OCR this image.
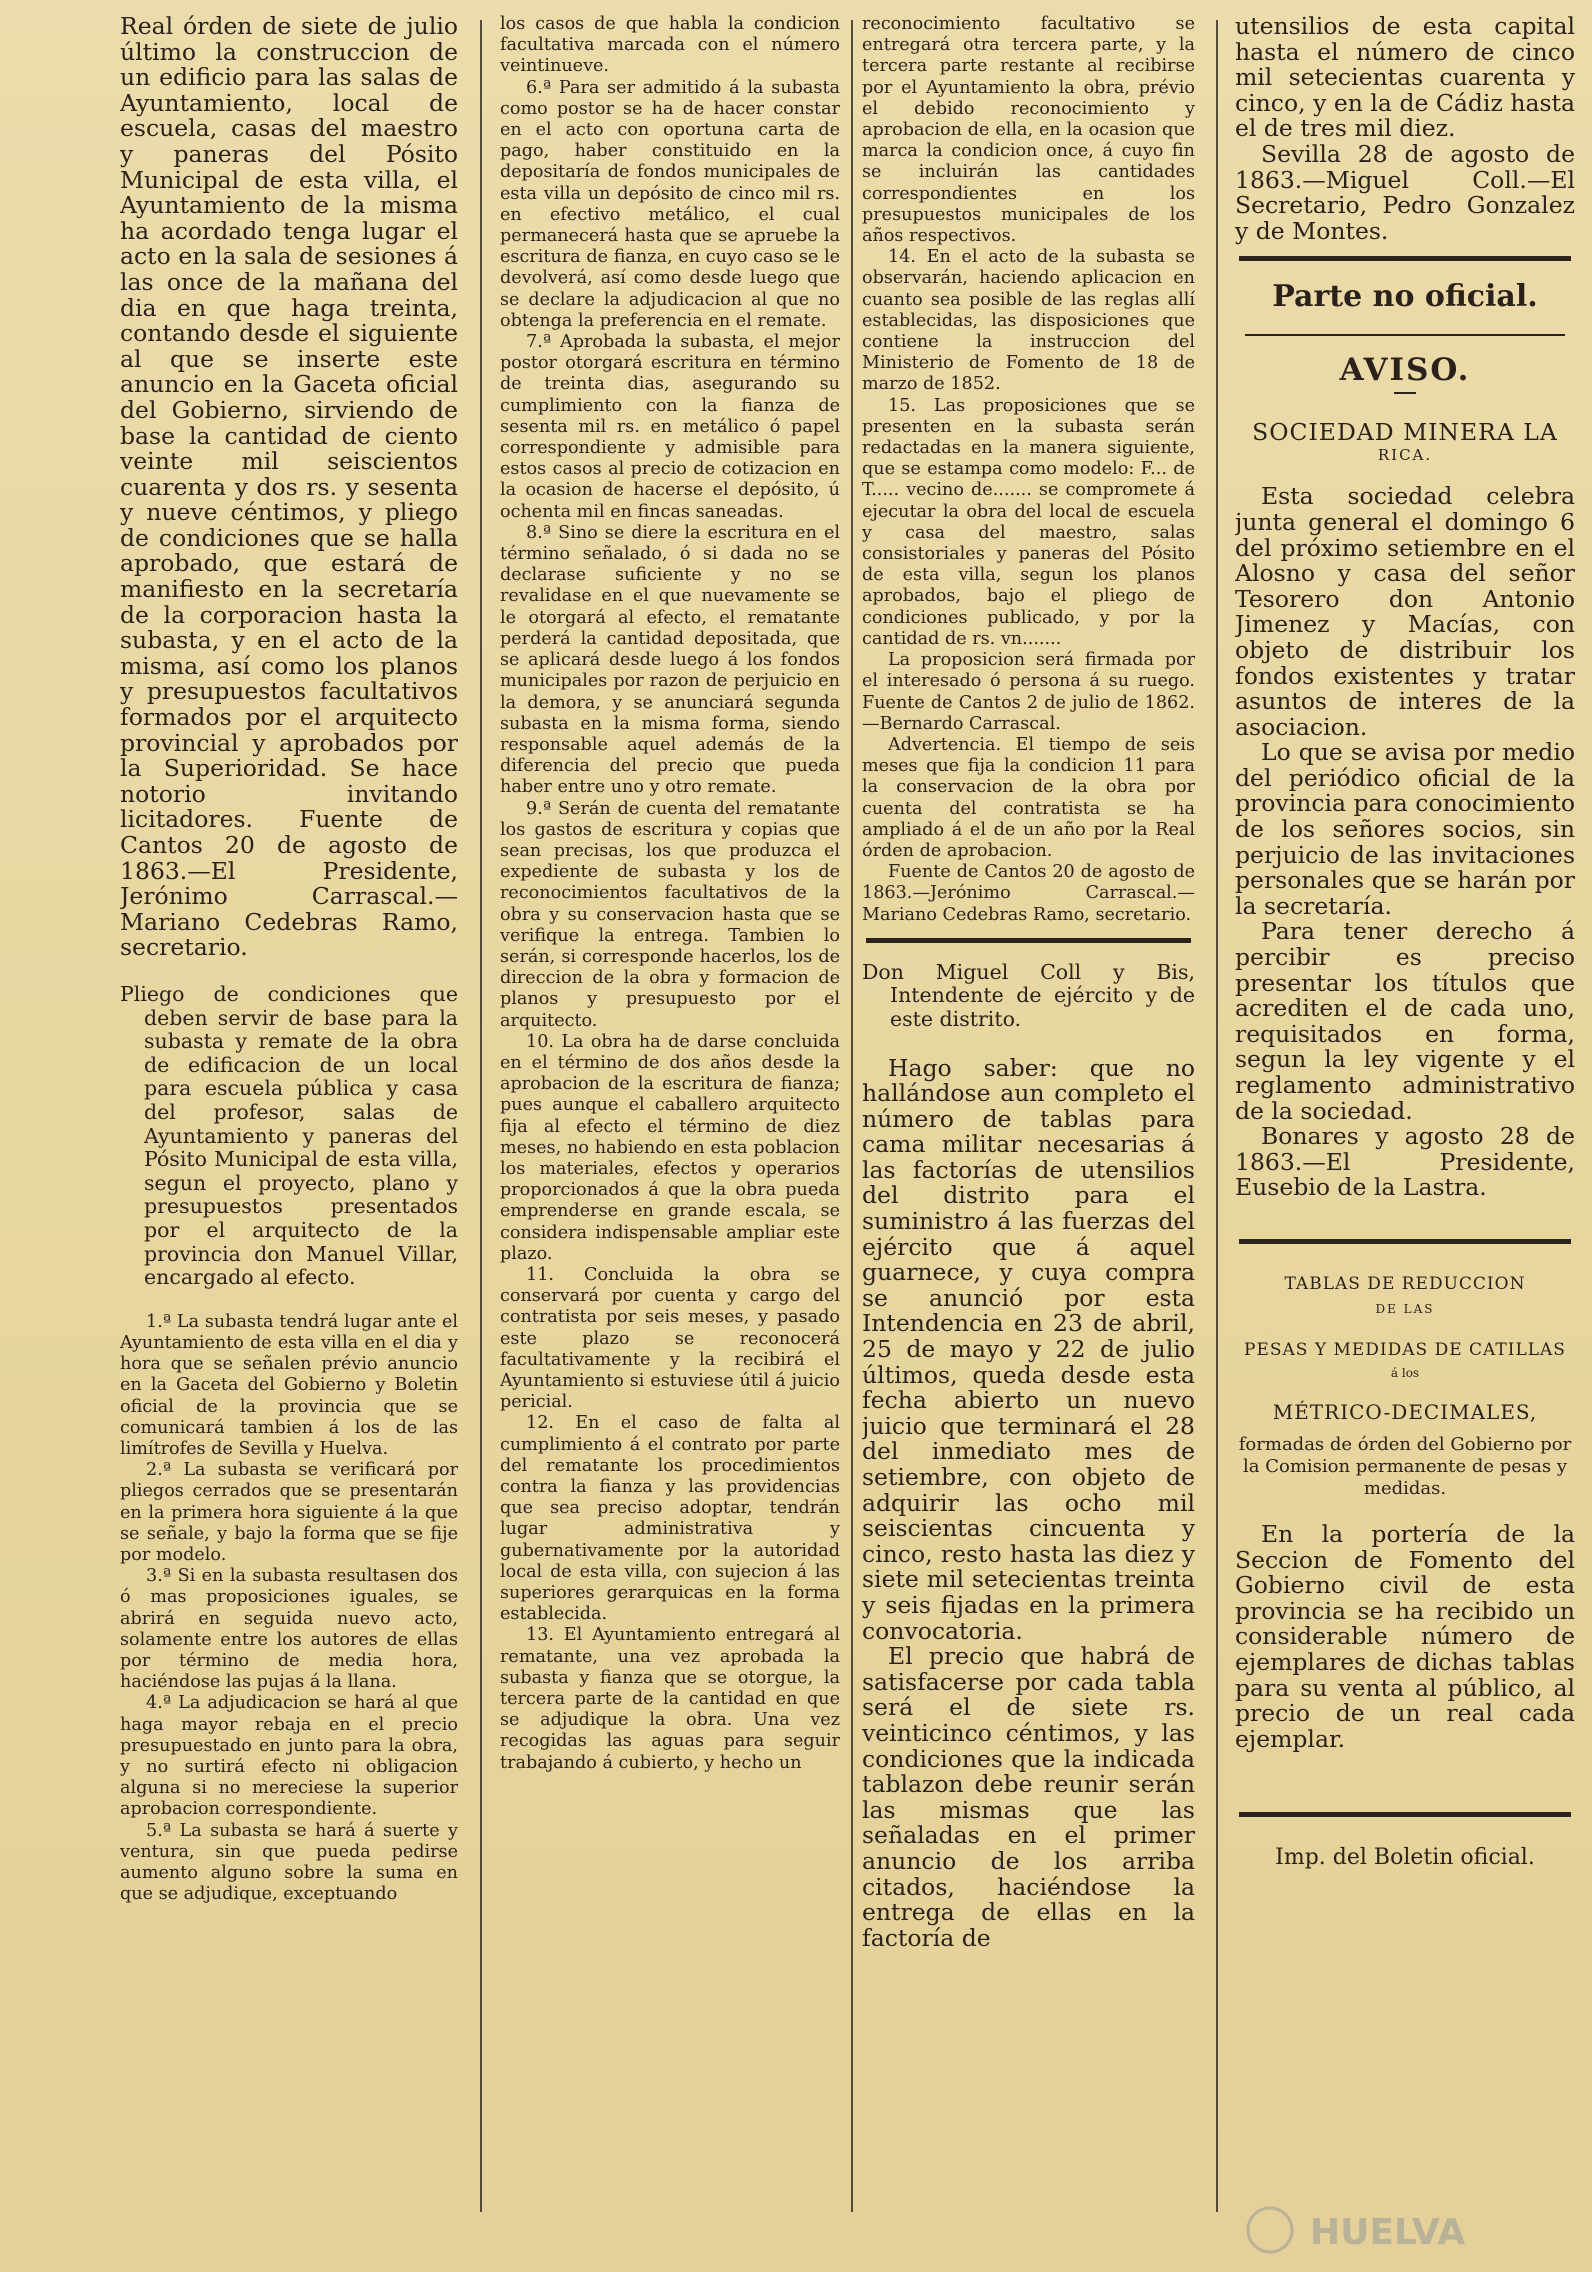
Real órden de siete de julio último la construccion de un edificio para las salas de Ayuntamiento, local de escuela, casas del maestro y paneras del Pósito Municipal de esta villa, el Ayuntamiento de la misma ha acordado tenga lugar el acto en la sala de sesiones á las once de la mañana del dia en que haga treinta, contando desde el siguiente al que se inserte este anuncio en la Gaceta oficial del Gobierno, sirviendo de base la cantidad de ciento veinte mil seiscientos cuarenta y dos rs. y sesenta y nueve céntimos, y pliego de condiciones que se halla aprobado, que estará de manifiesto en la secretaría de la corporacion hasta la subasta, y en el acto de la misma, así como los planos y presupuestos facultativos formados por el arquitecto provincial y aprobados por la Superioridad. Se hace notorio invitando licitadores. Fuente de Cantos 20 de agosto de 1863.—El Presidente, Jerónimo Carrascal.—Mariano Cedebras Ramo, secretario.

Pliego de condiciones que deben servir de base para la subasta y remate de la obra de edificacion de un local para escuela pública y casa del profesor, salas de Ayuntamiento y paneras del Pósito Municipal de esta villa, segun el proyecto, plano y presupuestos presentados por el arquitecto de la provincia don Manuel Villar, encargado al efecto.

1.ª La subasta tendrá lugar ante el Ayuntamiento de esta villa en el dia y hora que se señalen prévio anuncio en la Gaceta del Gobierno y Boletin oficial de la provincia que se comunicará tambien á los de las limítrofes de Sevilla y Huelva.

2.ª La subasta se verificará por pliegos cerrados que se presentarán en la primera hora siguiente á la que se señale, y bajo la forma que se fije por modelo.

3.ª Si en la subasta resultasen dos ó mas proposiciones iguales, se abrirá en seguida nuevo acto, solamente entre los autores de ellas por término de media hora, haciéndose las pujas á la llana.

4.ª La adjudicacion se hará al que haga mayor rebaja en el precio presupuestado en junto para la obra, y no surtirá efecto ni obligacion alguna si no mereciese la superior aprobacion correspondiente.

5.ª La subasta se hará á suerte y ventura, sin que pueda pedirse aumento alguno sobre la suma en que se adjudique, exceptuando

los casos de que habla la condicion facultativa marcada con el número veintinueve.

6.ª Para ser admitido á la subasta como postor se ha de hacer constar en el acto con oportuna carta de pago, haber constituido en la depositaría de fondos municipales de esta villa un depósito de cinco mil rs. en efectivo metálico, el cual permanecerá hasta que se apruebe la escritura de fianza, en cuyo caso se le devolverá, así como desde luego que se declare la adjudicacion al que no obtenga la preferencia en el remate.

7.ª Aprobada la subasta, el mejor postor otorgará escritura en término de treinta dias, asegurando su cumplimiento con la fianza de sesenta mil rs. en metálico ó papel correspondiente y admisible para estos casos al precio de cotizacion en la ocasion de hacerse el depósito, ú ochenta mil en fincas saneadas.

8.ª Sino se diere la escritura en el término señalado, ó si dada no se declarase suficiente y no se revalidase en el que nuevamente se le otorgará al efecto, el rematante perderá la cantidad depositada, que se aplicará desde luego á los fondos municipales por razon de perjuicio en la demora, y se anunciará segunda subasta en la misma forma, siendo responsable aquel además de la diferencia del precio que pueda haber entre uno y otro remate.

9.ª Serán de cuenta del rematante los gastos de escritura y copias que sean precisas, los que produzca el expediente de subasta y los de reconocimientos facultativos de la obra y su conservacion hasta que se verifique la entrega. Tambien lo serán, si corresponde hacerlos, los de direccion de la obra y formacion de planos y presupuesto por el arquitecto.

10. La obra ha de darse concluida en el término de dos años desde la aprobacion de la escritura de fianza; pues aunque el caballero arquitecto fija al efecto el término de diez meses, no habiendo en esta poblacion los materiales, efectos y operarios proporcionados á que la obra pueda emprenderse en grande escala, se considera indispensable ampliar este plazo.

11. Concluida la obra se conservará por cuenta y cargo del contratista por seis meses, y pasado este plazo se reconocerá facultativamente y la recibirá el Ayuntamiento si estuviese útil á juicio pericial.

12. En el caso de falta al cumplimiento á el contrato por parte del rematante los procedimientos contra la fianza y las providencias que sea preciso adoptar, tendrán lugar administrativa y gubernativamente por la autoridad local de esta villa, con sujecion á las superiores gerarquicas en la forma establecida.

13. El Ayuntamiento entregará al rematante, una vez aprobada la subasta y fianza que se otorgue, la tercera parte de la cantidad en que se adjudique la obra. Una vez recogidas las aguas para seguir trabajando á cubierto, y hecho un

reconocimiento facultativo se entregará otra tercera parte, y la tercera parte restante al recibirse por el Ayuntamiento la obra, prévio el debido reconocimiento y aprobacion de ella, en la ocasion que marca la condicion once, á cuyo fin se incluirán las cantidades correspondientes en los presupuestos municipales de los años respectivos.

14. En el acto de la subasta se observarán, haciendo aplicacion en cuanto sea posible de las reglas allí establecidas, las disposiciones que contiene la instruccion del Ministerio de Fomento de 18 de marzo de 1852.

15. Las proposiciones que se presenten en la subasta serán redactadas en la manera siguiente, que se estampa como modelo: F... de T..... vecino de....... se compromete á ejecutar la obra del local de escuela y casa del maestro, salas consistoriales y paneras del Pósito de esta villa, segun los planos aprobados, bajo el pliego de condiciones publicado, y por la cantidad de rs. vn.......

La proposicion será firmada por el interesado ó persona á su ruego. Fuente de Cantos 2 de julio de 1862.—Bernardo Carrascal.

Advertencia. El tiempo de seis meses que fija la condicion 11 para la conservacion de la obra por cuenta del contratista se ha ampliado á el de un año por la Real órden de aprobacion.

Fuente de Cantos 20 de agosto de 1863.—Jerónimo Carrascal.—Mariano Cedebras Ramo, secretario.

Don Miguel Coll y Bis, Intendente de ejército y de este distrito.

Hago saber: que no hallándose aun completo el número de tablas para cama militar necesarias á las factorías de utensilios del distrito para el suministro á las fuerzas del ejército que á aquel guarnece, y cuya compra se anunció por esta Intendencia en 23 de abril, 25 de mayo y 22 de julio últimos, queda desde esta fecha abierto un nuevo juicio que terminará el 28 del inmediato mes de setiembre, con objeto de adquirir las ocho mil seiscientas cincuenta y cinco, resto hasta las diez y siete mil setecientas treinta y seis fijadas en la primera convocatoria.

El precio que habrá de satisfacerse por cada tabla será el de siete rs. veinticinco céntimos, y las condiciones que la indicada tablazon debe reunir serán las mismas que las señaladas en el primer anuncio de los arriba citados, haciéndose la entrega de ellas en la factoría de

utensilios de esta capital hasta el número de cinco mil setecientas cuarenta y cinco, y en la de Cádiz hasta el de tres mil diez.

Sevilla 28 de agosto de 1863.—Miguel Coll.—El Secretario, Pedro Gonzalez y de Montes.

Parte no oficial.
AVISO.

SOCIEDAD MINERA LA

RICA.

Esta sociedad celebra junta general el domingo 6 del próximo setiembre en el Alosno y casa del señor Tesorero don Antonio Jimenez y Macías, con objeto de distribuir los fondos existentes y tratar asuntos de interes de la asociacion.

Lo que se avisa por medio del periódico oficial de la provincia para conocimiento de los señores socios, sin perjuicio de las invitaciones personales que se harán por la secretaría.

Para tener derecho á percibir es preciso presentar los títulos que acrediten el de cada uno, requisitados en forma, segun la ley vigente y el reglamento administrativo de la sociedad.

Bonares y agosto 28 de 1863.—El Presidente, Eusebio de la Lastra.

TABLAS DE REDUCCION

DE LAS

PESAS Y MEDIDAS DE CATILLAS

á los

MÉTRICO-DECIMALES,

formadas de órden del Gobierno por la Comision permanente de pesas y medidas.

En la portería de la Seccion de Fomento del Gobierno civil de esta provincia se ha recibido un considerable número de ejemplares de dichas tablas para su venta al público, al precio de un real cada ejemplar.

Imp. del Boletin oficial.

HUELVA
